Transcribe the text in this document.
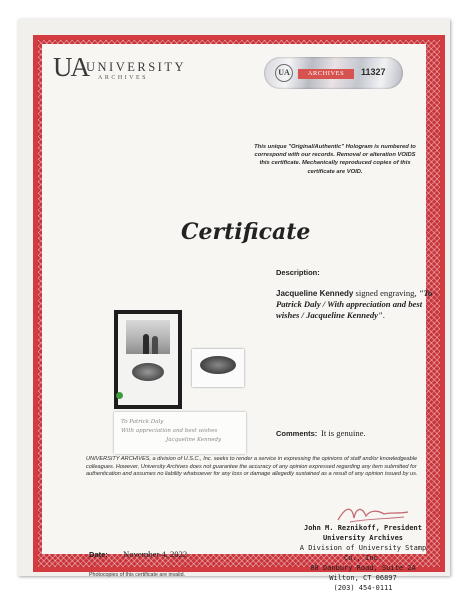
UA
UNIVERSITY
ARCHIVES
UA	ARCHIVES	11327
This unique "Original/Authentic" Hologram is numbered to correspond with our records. Removal or alteration VOIDS this certificate. Mechanically reproduced copies of this certificate are VOID.
Certificate
Description:
Jacqueline Kennedy signed engraving, "To - Patrick Daly / With appreciation and best wishes / Jacqueline Kennedy".
To Patrick Daly
With appreciation and best wishes
Jacqueline Kennedy
Comments: It is genuine.
UNIVERSITY ARCHIVES, a division of U.S.C., Inc. seeks to render a service in expressing the opinions of staff and/or knowledgeable colleagues. However, University Archives does not guarantee the accuracy of any opinion expressed regarding any item submitted for authentication and assumes no liability whatsoever for any loss or damage allegedly sustained as a result of any opinion issued by us.
John M. Reznikoff, President
University Archives
A Division of University Stamp Co., Inc.
88 Danbury Road, Suite 2A
Wilton, CT 06897
(203) 454-0111
Date: November 4, 2022
Photocopies of this certificate are invalid.
